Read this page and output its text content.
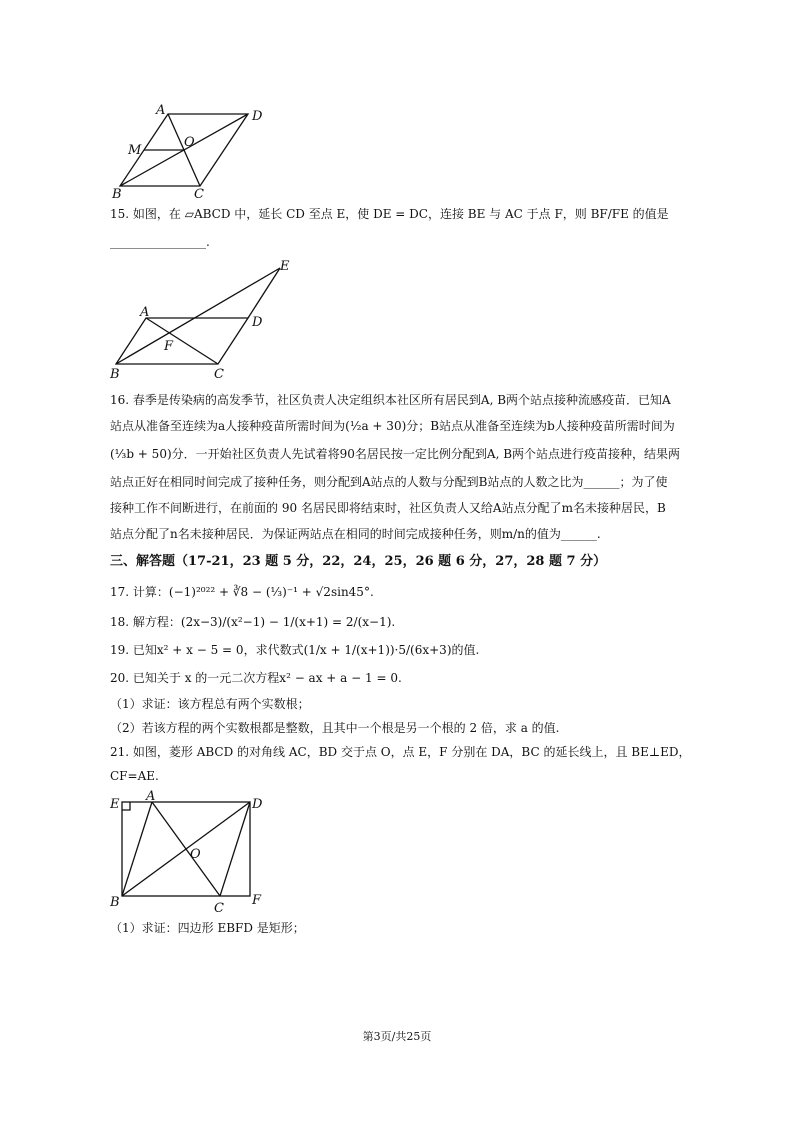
A	D
M
O
B	C
15. 如图，在 ▱ABCD 中，延长 CD 至点 E，使 DE = DC，连接 BE 与 AC 于点 F，则 BF/FE 的值是
________________.
E
A
D
F
B	C
16. 春季是传染病的高发季节，社区负责人决定组织本社区所有居民到A, B两个站点接种流感疫苗．已知A
站点从准备至连续为a人接种疫苗所需时间为(½a + 30)分；B站点从准备至连续为b人接种疫苗所需时间为
(⅓b + 50)分．一开始社区负责人先试着将90名居民按一定比例分配到A, B两个站点进行疫苗接种，结果两
站点正好在相同时间完成了接种任务，则分配到A站点的人数与分配到B站点的人数之比为______；为了使
接种工作不间断进行，在前面的 90 名居民即将结束时，社区负责人又给A站点分配了m名未接种居民，B
站点分配了n名未接种居民．为保证两站点在相同的时间完成接种任务，则m/n的值为______.
三、解答题（17-21，23 题 5 分，22，24，25，26 题 6 分，27，28 题 7 分）
17. 计算：(−1)²⁰²² + ∛8 − (⅓)⁻¹ + √2sin45°.
18. 解方程：(2x−3)/(x²−1) − 1/(x+1) = 2/(x−1).
19. 已知x² + x − 5 = 0，求代数式(1/x + 1/(x+1))·5/(6x+3)的值.
20. 已知关于 x 的一元二次方程x² − ax + a − 1 = 0.
（1）求证：该方程总有两个实数根；
（2）若该方程的两个实数根都是整数，且其中一个根是另一个根的 2 倍，求 a 的值.
21. 如图，菱形 ABCD 的对角线 AC，BD 交于点 O，点 E，F 分别在 DA，BC 的延长线上，且 BE⊥ED，
CF=AE.
E
A
D
O
B	C
F
（1）求证：四边形 EBFD 是矩形；
第3页/共25页
